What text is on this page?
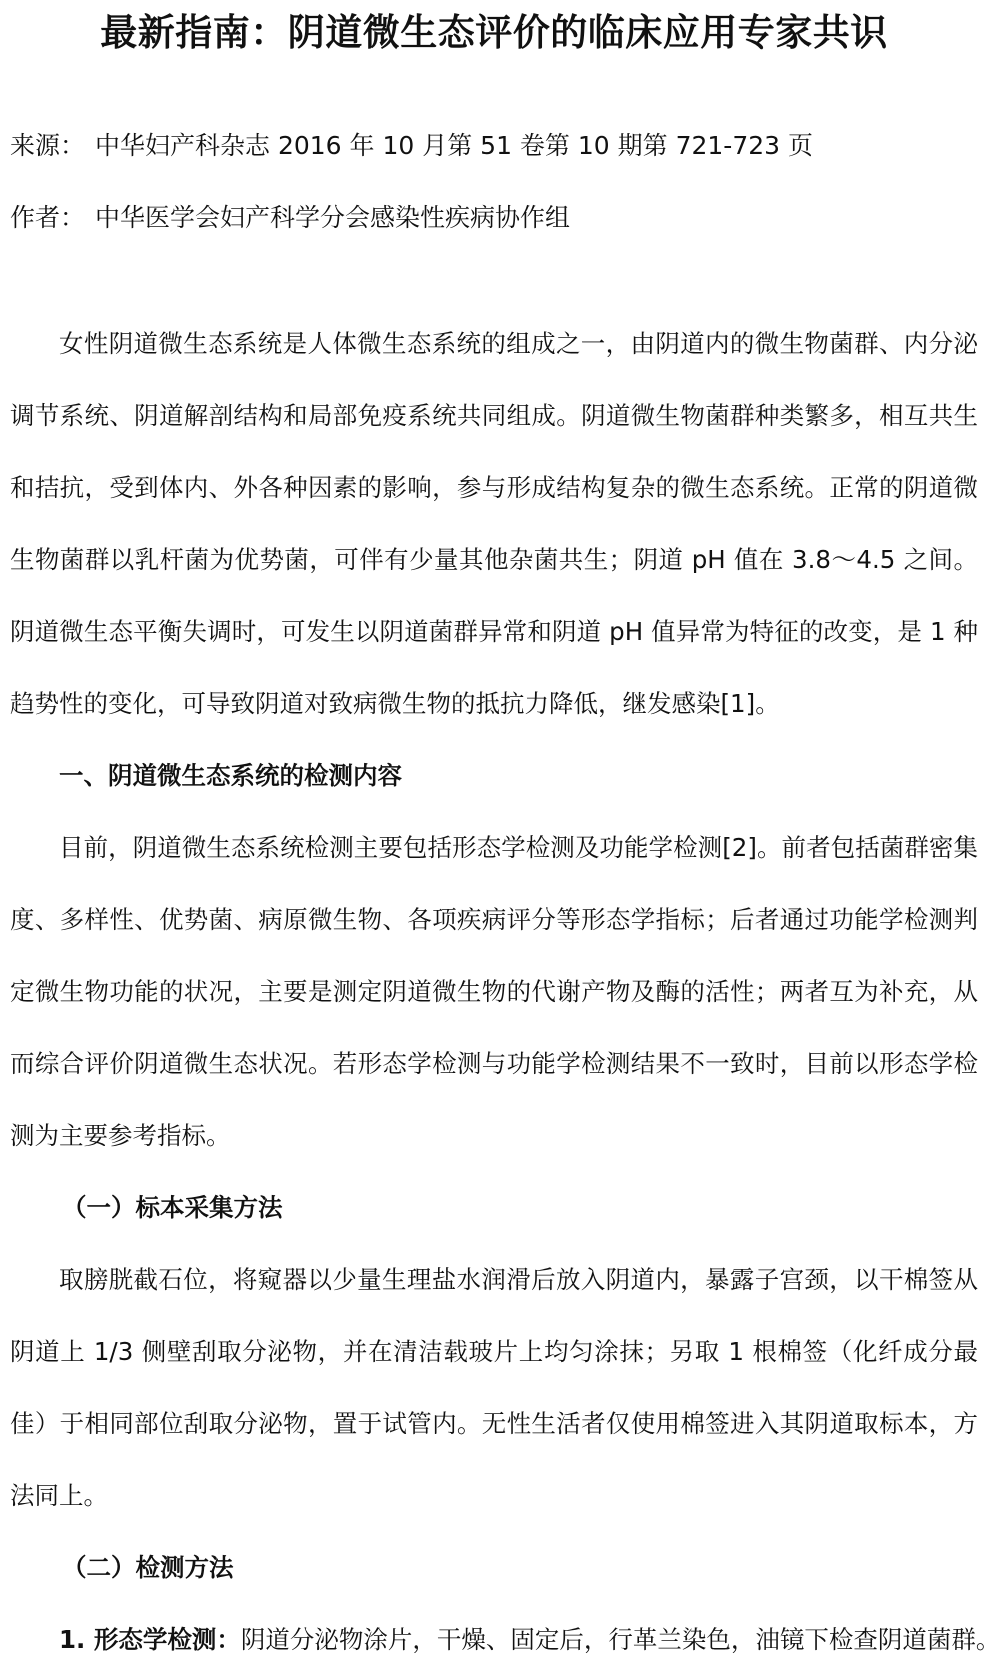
最新指南：阴道微生态评价的临床应用专家共识
来源： 中华妇产科杂志 2016 年 10 月第 51 卷第 10 期第 721-723 页
作者： 中华医学会妇产科学分会感染性疾病协作组

女性阴道微生态系统是人体微生态系统的组成之一，由阴道内的微生物菌群、内分泌调节系统、阴道解剖结构和局部免疫系统共同组成。阴道微生物菌群种类繁多，相互共生和拮抗，受到体内、外各种因素的影响，参与形成结构复杂的微生态系统。正常的阴道微生物菌群以乳杆菌为优势菌，可伴有少量其他杂菌共生；阴道 pH 值在 3.8～4.5 之间。阴道微生态平衡失调时，可发生以阴道菌群异常和阴道 pH 值异常为特征的改变，是 1 种趋势性的变化，可导致阴道对致病微生物的抵抗力降低，继发感染[1]。

一、阴道微生态系统的检测内容

目前，阴道微生态系统检测主要包括形态学检测及功能学检测[2]。前者包括菌群密集度、多样性、优势菌、病原微生物、各项疾病评分等形态学指标；后者通过功能学检测判定微生物功能的状况，主要是测定阴道微生物的代谢产物及酶的活性；两者互为补充，从而综合评价阴道微生态状况。若形态学检测与功能学检测结果不一致时，目前以形态学检测为主要参考指标。

（一）标本采集方法

取膀胱截石位，将窥器以少量生理盐水润滑后放入阴道内，暴露子宫颈，以干棉签从阴道上 1/3 侧壁刮取分泌物，并在清洁载玻片上均匀涂抹；另取 1 根棉签（化纤成分最佳）于相同部位刮取分泌物，置于试管内。无性生活者仅使用棉签进入其阴道取标本，方法同上。

（二）检测方法

1. 形态学检测：阴道分泌物涂片，干燥、固定后，行革兰染色，油镜下检查阴道菌群。
